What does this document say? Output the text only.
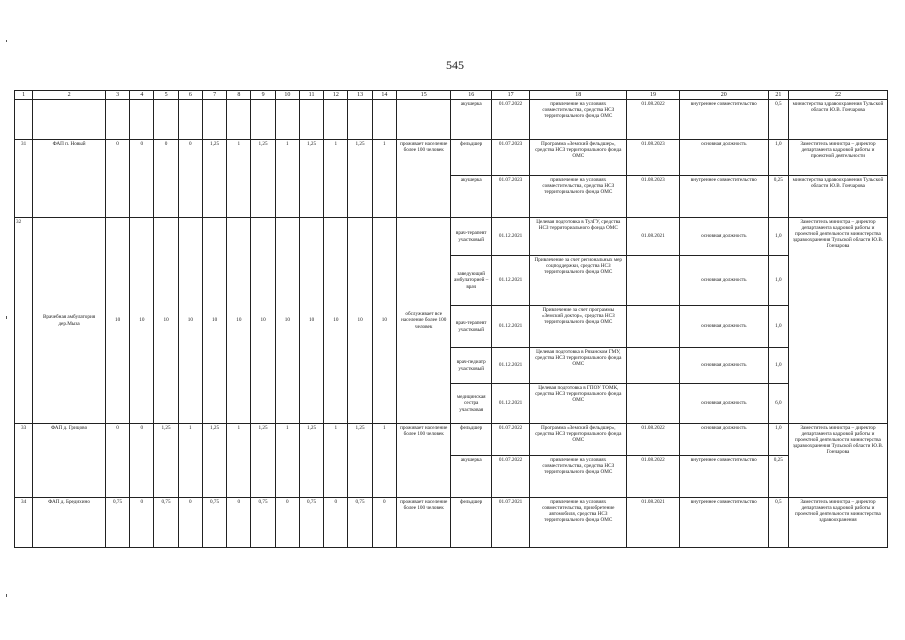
545
1	2	3	4	5	6	7	8	9	10	11	12	13	14	15	16	17	18	19	20	21	22
															акушерка	01.07.2022	привлечение на условиях совместительства, средства НСЗ территориального фонда ОМС	01.08.2022	внутреннее совместительство	0,5	министерства здравоохранения Тульской области Ю.В. Гончарова
31	ФАП п. Новый	0	0	0	0	1,25	1	1,25	1	1,25	1	1,25	1	проживает население более 100 человек	фельдшер	01.07.2023	Программа «Земский фельдшер», средства НСЗ территориального фонда ОМС	01.08.2023	основная должность	1,0	Заместитель министра – директор департамента кадровой работы и проектной деятельности
															акушерка	01.07.2023	привлечение на условиях совместительства, средства НСЗ территориального фонда ОМС	01.08.2023	внутреннее совместительство	0,25	министерства здравоохранения Тульской области Ю.В. Гончарова
32	Врачебная амбулатория дер.Мыза	10	10	10	10	10	10	10	10	10	10	10	10	обслуживает все население более 100 человек	врач-терапевт участковый	01.12.2021	Целевая подготовка в ТулГУ, средства НСЗ территориального фонда ОМС	01.08.2021	основная должность	1,0	Заместитель министра – директор департамента кадровой работы и проектной деятельности министерства здравоохранения Тульской области Ю.В. Гончарова
															заведующий амбулаторией – врач	01.12.2021	Привлечение за счет региональных мер соцподдержки, средства НСЗ территориального фонда ОМС		основная должность	1,0	
															врач-терапевт участковый	01.12.2021	Привлечение за счет программы «Земский доктор», средства НСЗ территориального фонда ОМС		основная должность	1,0	
															врач-педиатр участковый	01.12.2021	Целевая подготовка в Рязанском ГМУ, средства НСЗ территориального фонда ОМС		основная должность	1,0	
															медицинская сестра участковая	01.12.2021	Целевая подготовка в ГПОУ ТОМК, средства НСЗ территориального фонда ОМС		основная должность	6,0	
33	ФАП д. Грицово	0	0	1,25	1	1,25	1	1,25	1	1,25	1	1,25	1	проживает население более 100 человек	фельдшер	01.07.2022	Программа «Земский фельдшер», средства НСЗ территориального фонда ОМС	01.08.2022	основная должность	1,0	Заместитель министра – директор департамента кадровой работы и проектной деятельности министерства здравоохранения Тульской области Ю.В. Гончарова
															акушерка	01.07.2022	привлечение на условиях совместительства, средства НСЗ территориального фонда ОМС	01.08.2022	внутреннее совместительство	0,25	
34	ФАП д. Бредихино	0,75	0	0,75	0	0,75	0	0,75	0	0,75	0	0,75	0	проживает население более 100 человек	фельдшер	01.07.2021	привлечение на условиях совместительства, приобретение автомобиля, средства НСЗ территориального фонда ОМС	01.08.2021	внутреннее совместительство	0,5	Заместитель министра – директор департамента кадровой работы и проектной деятельности министерства здравоохранения
